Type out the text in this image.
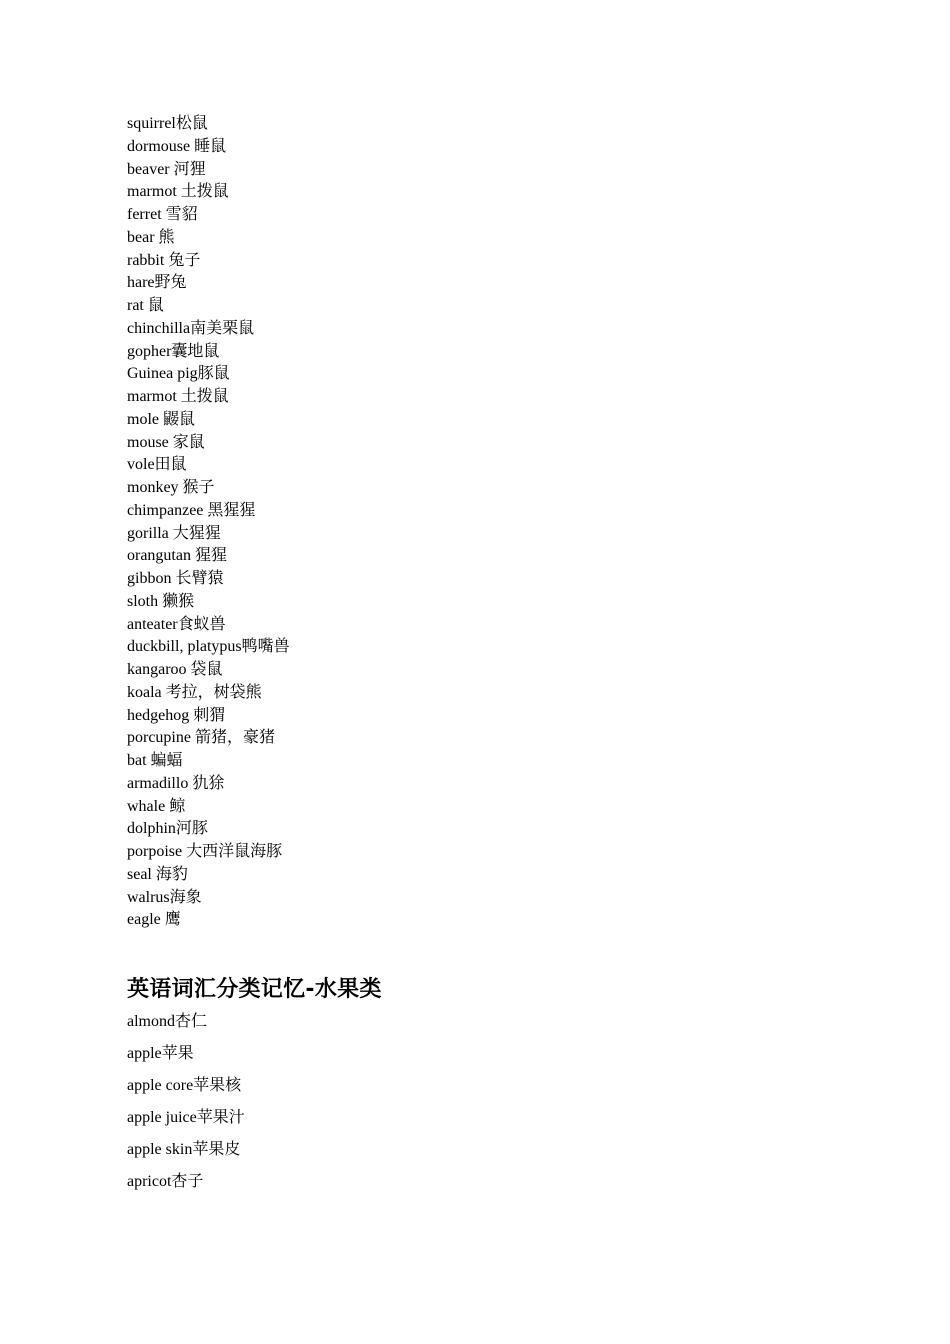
squirrel松鼠
dormouse 睡鼠
beaver 河狸
marmot 土拨鼠
ferret 雪貂
bear 熊
rabbit 兔子
hare野兔
rat 鼠
chinchilla南美栗鼠
gopher囊地鼠
Guinea pig豚鼠
marmot 土拨鼠
mole 鼹鼠
mouse 家鼠
vole田鼠
monkey 猴子
chimpanzee 黑猩猩
gorilla 大猩猩
orangutan 猩猩
gibbon 长臂猿
sloth 獭猴
anteater食蚁兽
duckbill, platypus鸭嘴兽
kangaroo 袋鼠
koala 考拉，树袋熊
hedgehog 刺猬
porcupine 箭猪，豪猪
bat 蝙蝠
armadillo 犰狳
whale 鲸
dolphin河豚
porpoise 大西洋鼠海豚
seal 海豹
walrus海象
eagle 鹰
英语词汇分类记忆-水果类
almond杏仁
apple苹果
apple core苹果核
apple juice苹果汁
apple skin苹果皮
apricot杏子
